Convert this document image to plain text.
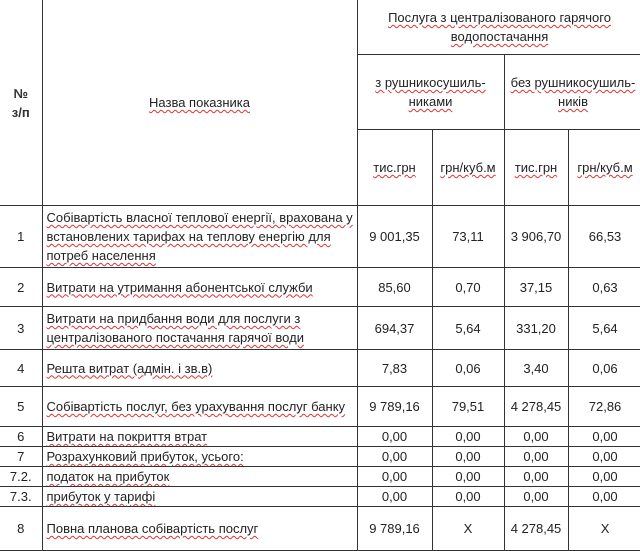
№ з/п	Назва показника	Послуга з централізованого гарячого водопостачання			
		з рушникосушиль-никами		без рушникосушиль-ників	
		тис.грн	грн/куб.м	тис.грн	грн/куб.м
1	Собівартість власної теплової енергії, врахована у встановлених тарифах на теплову енергію для потреб населення	9 001,35	73,11	3 906,70	66,53
2	Витрати на утримання абонентської служби	85,60	0,70	37,15	0,63
3	Витрати на придбання води для послуги з централізованого постачання гарячої води	694,37	5,64	331,20	5,64
4	Решта витрат (адмін. і зв.в)	7,83	0,06	3,40	0,06
5	Собівартість послуг, без урахування послуг банку	9 789,16	79,51	4 278,45	72,86
6	Витрати на покриття втрат	0,00	0,00	0,00	0,00
7	Розрахунковий прибуток, усього:	0,00	0,00	0,00	0,00
7.2.	податок на прибуток	0,00	0,00	0,00	0,00
7.3.	прибуток у тарифі	0,00	0,00	0,00	0,00
8	Повна планова собівартість послуг	9 789,16	Х	4 278,45	Х
